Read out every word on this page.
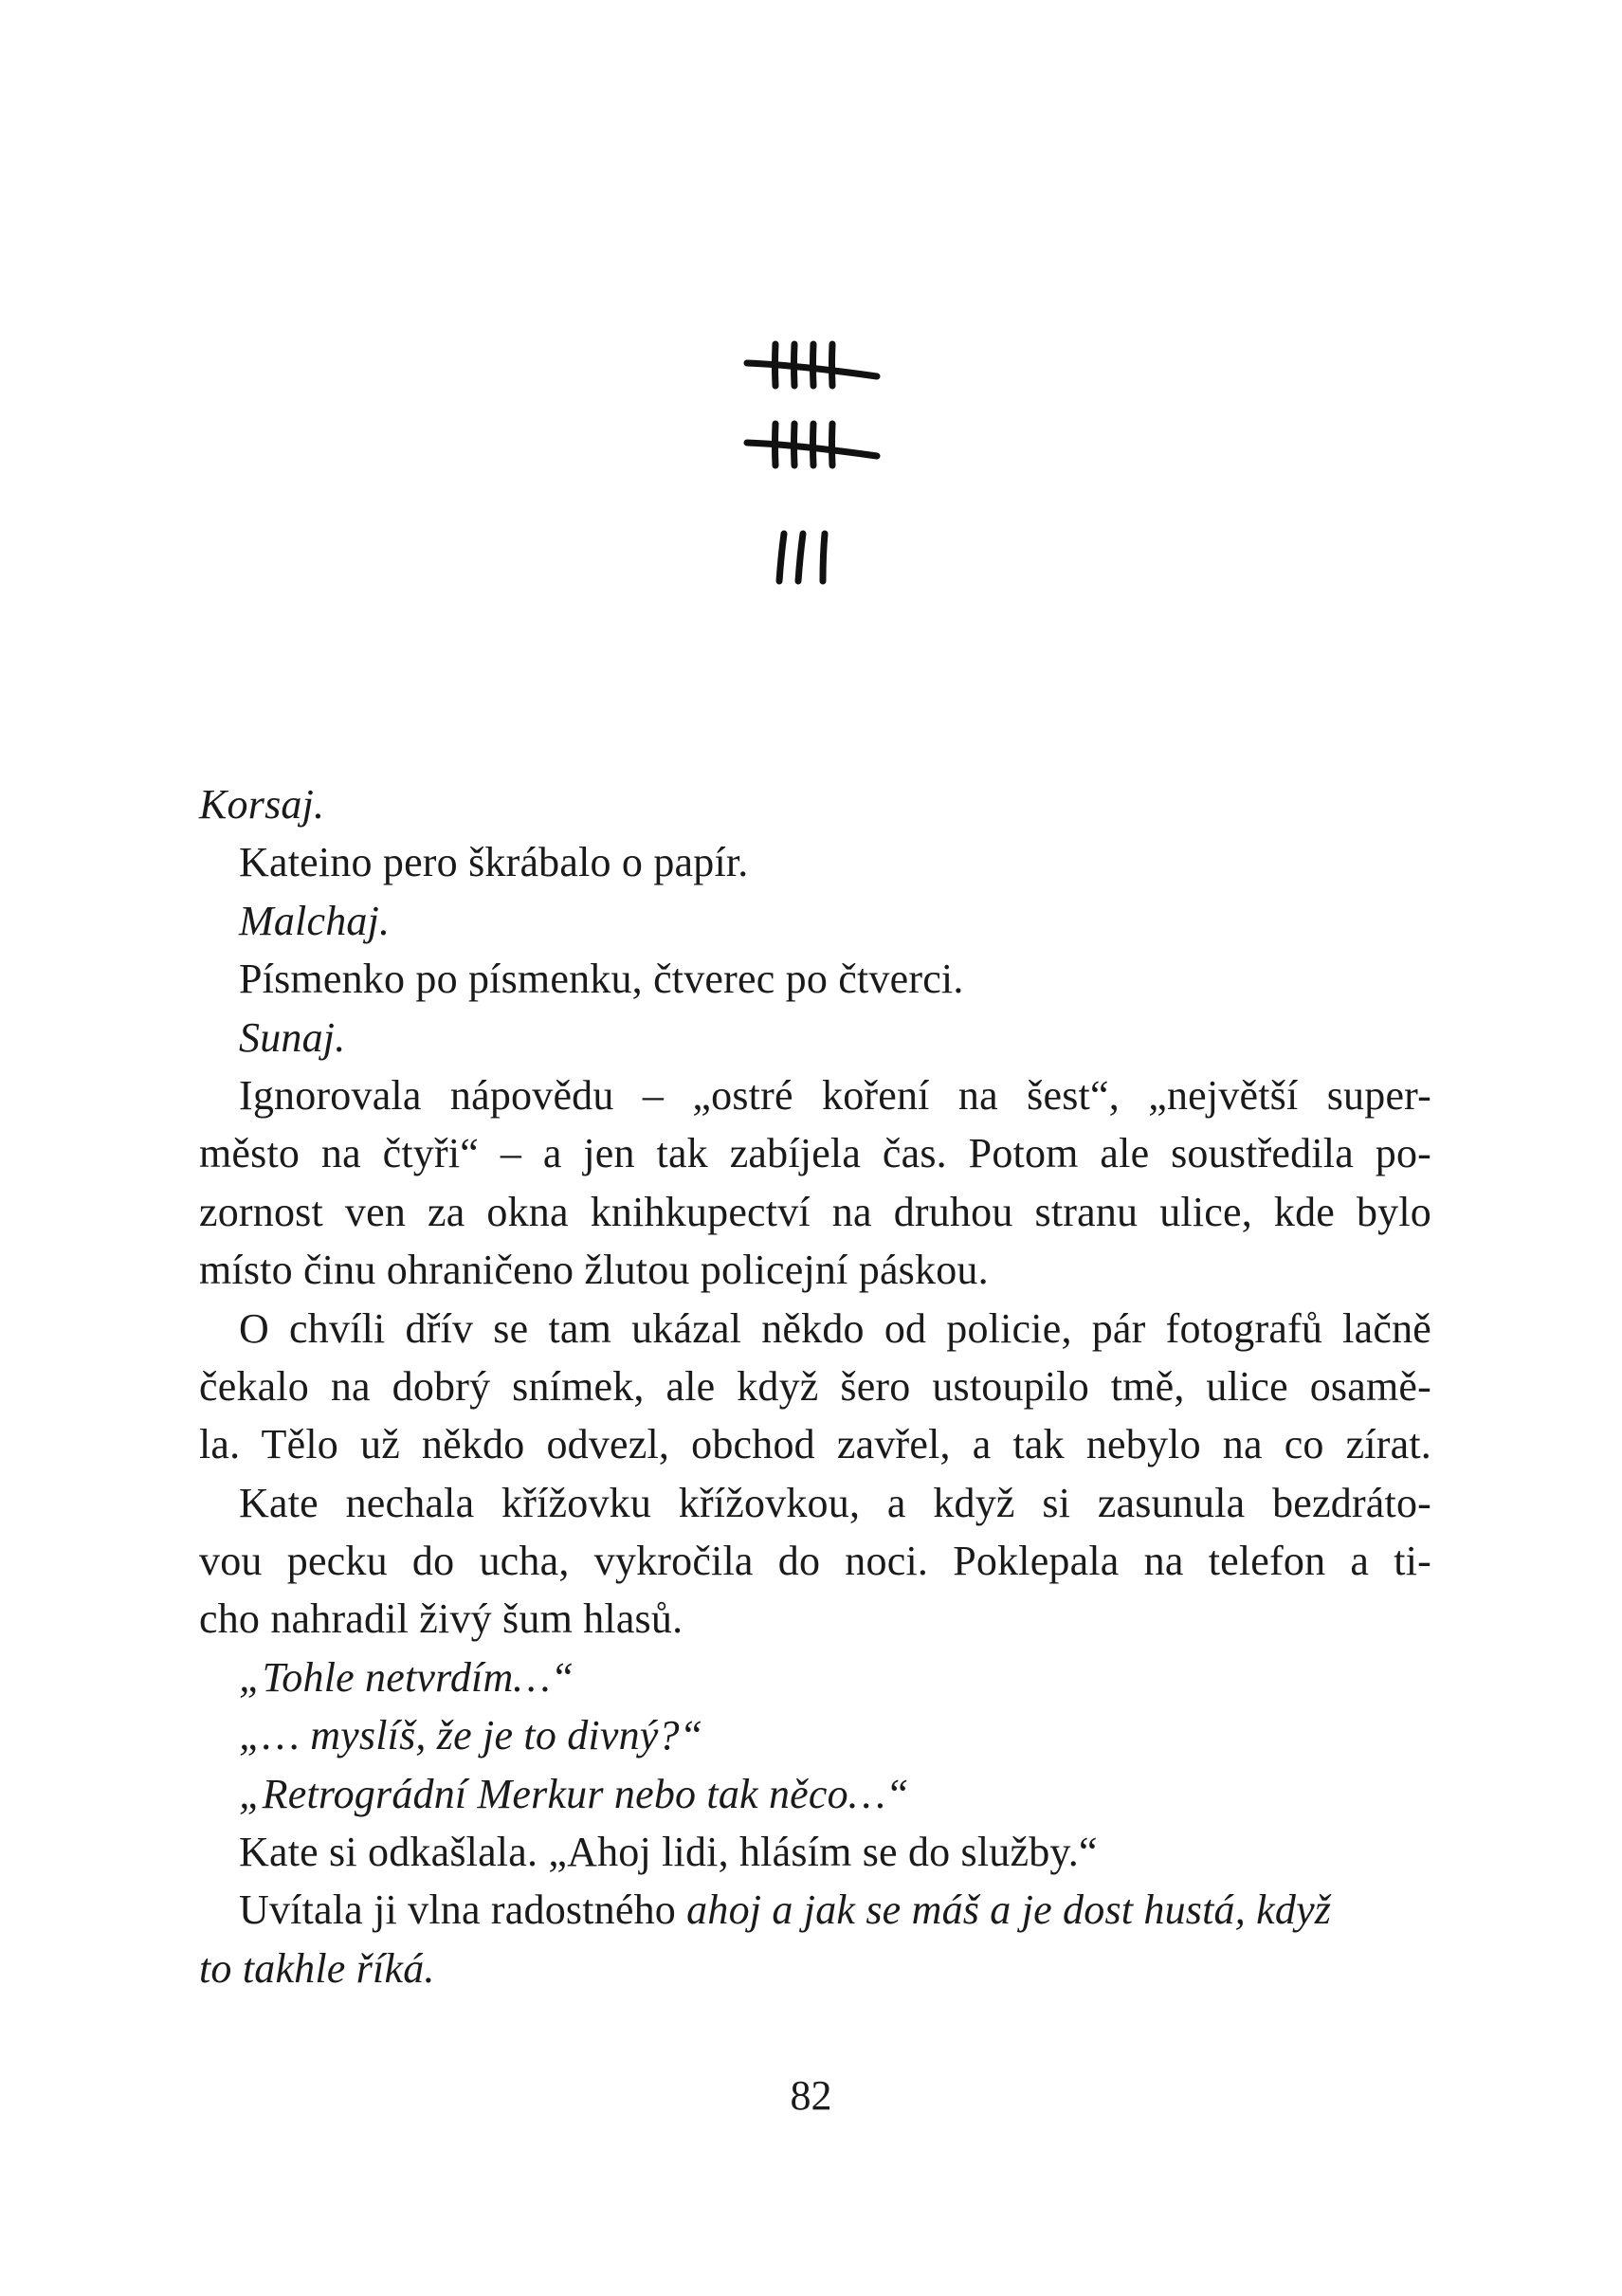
Korsaj.
Kateino pero škrábalo o papír.
Malchaj.
Písmenko po písmenku, čtverec po čtverci.
Sunaj.
Ignorovala nápovědu – „ostré koření na šest“, „největší super-
město na čtyři“ – a jen tak zabíjela čas. Potom ale soustředila po-
zornost ven za okna knihkupectví na druhou stranu ulice, kde bylo
místo činu ohraničeno žlutou policejní páskou.
O chvíli dřív se tam ukázal někdo od policie, pár fotografů lačně
čekalo na dobrý snímek, ale když šero ustoupilo tmě, ulice osamě-
la. Tělo už někdo odvezl, obchod zavřel, a tak nebylo na co zírat.
Kate nechala křížovku křížovkou, a když si zasunula bezdráto-
vou pecku do ucha, vykročila do noci. Poklepala na telefon a ti-
cho nahradil živý šum hlasů.
„Tohle netvrdím…“
„… myslíš, že je to divný?“
„Retrográdní Merkur nebo tak něco…“
Kate si odkašlala. „Ahoj lidi, hlásím se do služby.“
Uvítala ji vlna radostného ahoj a jak se máš a je dost hustá, když
to takhle říká.
82
